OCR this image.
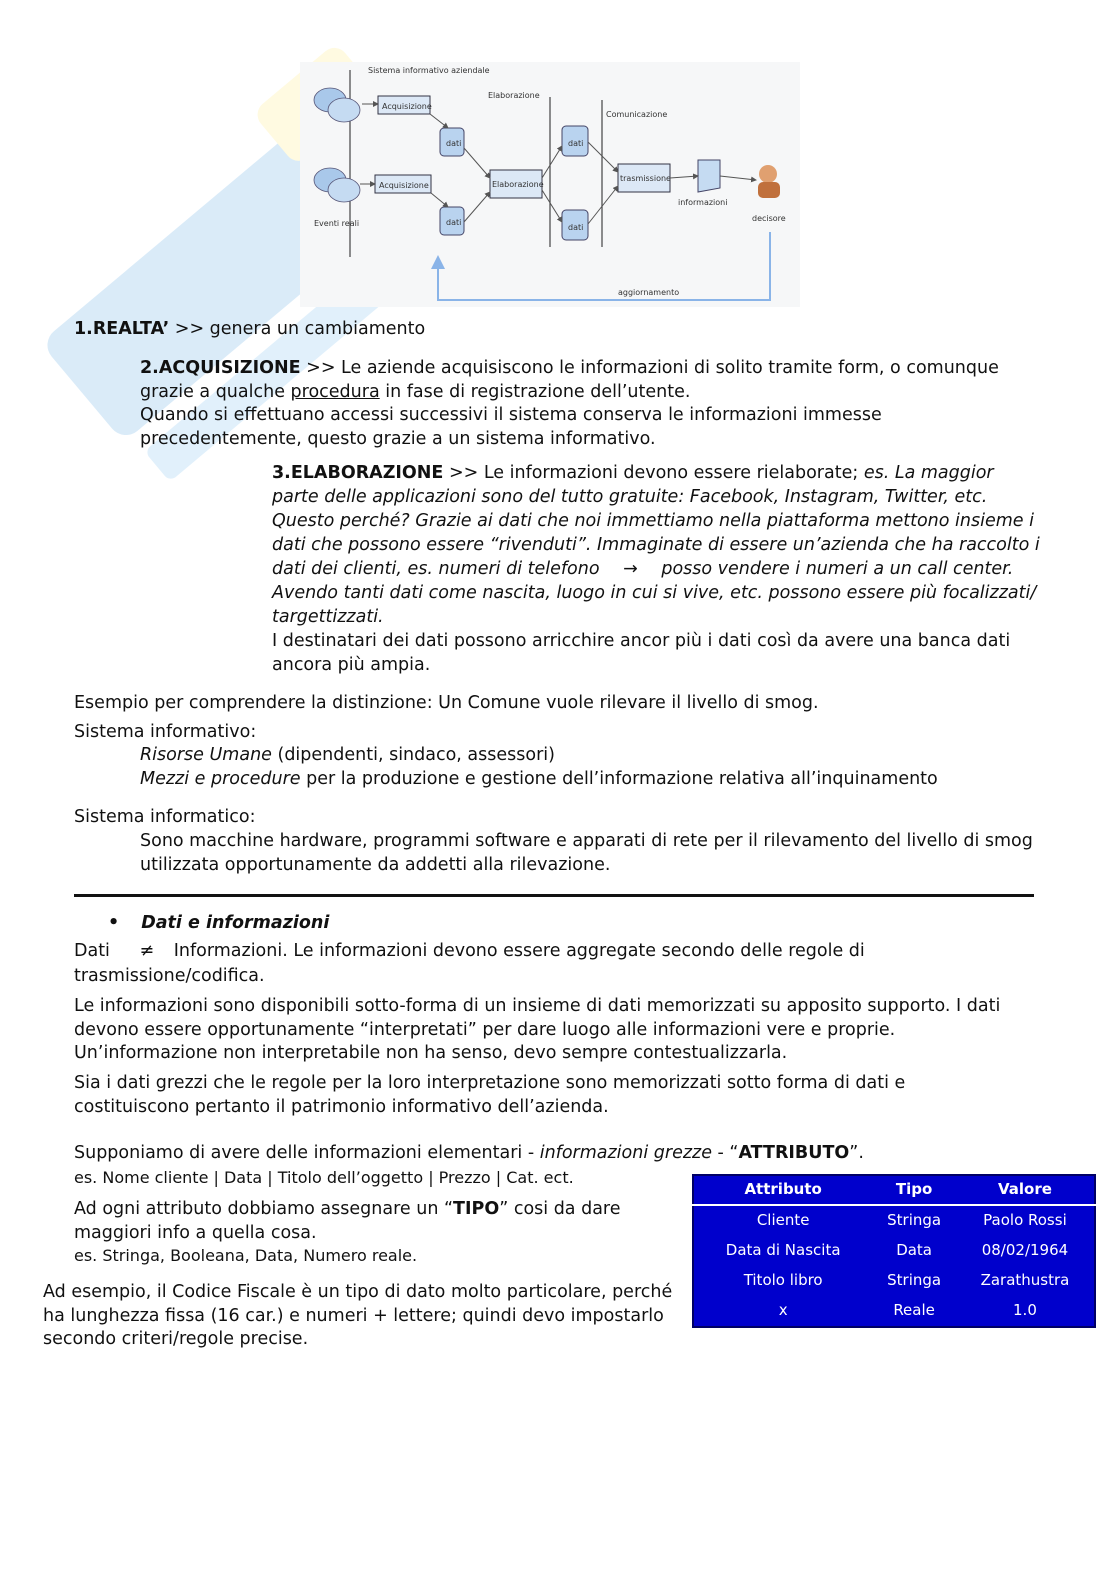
Sistema informativo aziendale
Elaborazione
Comunicazione
Eventi reali
Acquisizione
Acquisizione
dati
dati
Elaborazione
dati
dati
trasmissione
informazioni
decisore
aggiornamento

1.REALTA’ >> genera un cambiamento

2.ACQUISIZIONE >> Le aziende acquisiscono le informazioni di solito tramite form, o comunque grazie a qualche procedura in fase di registrazione dell’utente.
Quando si effettuano accessi successivi il sistema conserva le informazioni immesse precedentemente, questo grazie a un sistema informativo.

3.ELABORAZIONE >> Le informazioni devono essere rielaborate; es. La maggior parte delle applicazioni sono del tutto gratuite: Facebook, Instagram, Twitter, etc. Questo perché? Grazie ai dati che noi immettiamo nella piattaforma mettono insieme i dati che possono essere “rivenduti”. Immaginate di essere un’azienda che ha raccolto i dati dei clienti, es. numeri di telefono → posso vendere i numeri a un call center. Avendo tanti dati come nascita, luogo in cui si vive, etc. possono essere più focalizzati/ targettizzati.
I destinatari dei dati possono arricchire ancor più i dati così da avere una banca dati ancora più ampia.

Esempio per comprendere la distinzione: Un Comune vuole rilevare il livello di smog.

Sistema informativo:

Risorse Umane (dipendenti, sindaco, assessori)

Mezzi e procedure per la produzione e gestione dell’informazione relativa all’inquinamento

Sistema informatico:

Sono macchine hardware, programmi software e apparati di rete per il rilevamento del livello di smog utilizzata opportunamente da addetti alla rilevazione.

• Dati e informazioni

Dati ≠ Informazioni. Le informazioni devono essere aggregate secondo delle regole di trasmissione/codifica.

Le informazioni sono disponibili sotto-forma di un insieme di dati memorizzati su apposito supporto. I dati devono essere opportunamente “interpretati” per dare luogo alle informazioni vere e proprie. Un’informazione non interpretabile non ha senso, devo sempre contestualizzarla.

Sia i dati grezzi che le regole per la loro interpretazione sono memorizzati sotto forma di dati e costituiscono pertanto il patrimonio informativo dell’azienda.

Supponiamo di avere delle informazioni elementari - informazioni grezze - “ATTRIBUTO”.

es. Nome cliente | Data | Titolo dell’oggetto | Prezzo | Cat. ect.

Ad ogni attributo dobbiamo assegnare un “TIPO” cosi da dare maggiori info a quella cosa.

es. Stringa, Booleana, Data, Numero reale.

Ad esempio, il Codice Fiscale è un tipo di dato molto particolare, perché ha lunghezza fissa (16 car.) e numeri + lettere; quindi devo impostarlo secondo criteri/regole precise.

Attributo	Tipo	Valore
Cliente	Stringa	Paolo Rossi
Data di Nascita	Data	08/02/1964
Titolo libro	Stringa	Zarathustra
x	Reale	1.0
